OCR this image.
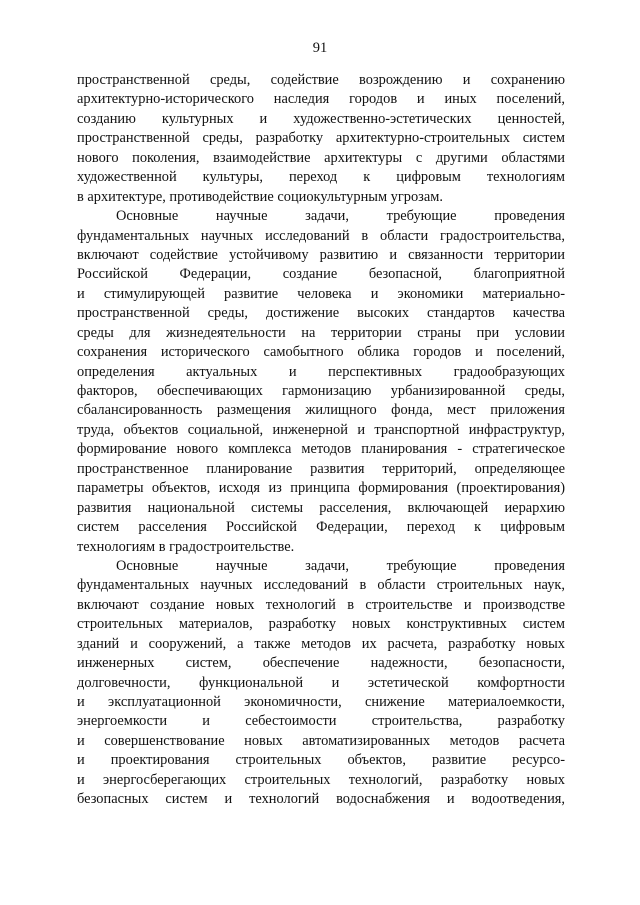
91
пространственной среды, содействие возрождению и сохранению
архитектурно-исторического наследия городов и иных поселений,
созданию культурных и художественно-эстетических ценностей,
пространственной среды, разработку архитектурно-строительных систем
нового поколения, взаимодействие архитектуры с другими областями
художественной культуры, переход к цифровым технологиям
в архитектуре, противодействие социокультурным угрозам.
Основные научные задачи, требующие проведения
фундаментальных научных исследований в области градостроительства,
включают содействие устойчивому развитию и связанности территории
Российской Федерации, создание безопасной, благоприятной
и стимулирующей развитие человека и экономики материально-
пространственной среды, достижение высоких стандартов качества
среды для жизнедеятельности на территории страны при условии
сохранения исторического самобытного облика городов и поселений,
определения актуальных и перспективных градообразующих
факторов, обеспечивающих гармонизацию урбанизированной среды,
сбалансированность размещения жилищного фонда, мест приложения
труда, объектов социальной, инженерной и транспортной инфраструктур,
формирование нового комплекса методов планирования - стратегическое
пространственное планирование развития территорий, определяющее
параметры объектов, исходя из принципа формирования (проектирования)
развития национальной системы расселения, включающей иерархию
систем расселения Российской Федерации, переход к цифровым
технологиям в градостроительстве.
Основные научные задачи, требующие проведения
фундаментальных научных исследований в области строительных наук,
включают создание новых технологий в строительстве и производстве
строительных материалов, разработку новых конструктивных систем
зданий и сооружений, а также методов их расчета, разработку новых
инженерных систем, обеспечение надежности, безопасности,
долговечности, функциональной и эстетической комфортности
и эксплуатационной экономичности, снижение материалоемкости,
энергоемкости и себестоимости строительства, разработку
и совершенствование новых автоматизированных методов расчета
и проектирования строительных объектов, развитие ресурсо-
и энергосберегающих строительных технологий, разработку новых
безопасных систем и технологий водоснабжения и водоотведения,
